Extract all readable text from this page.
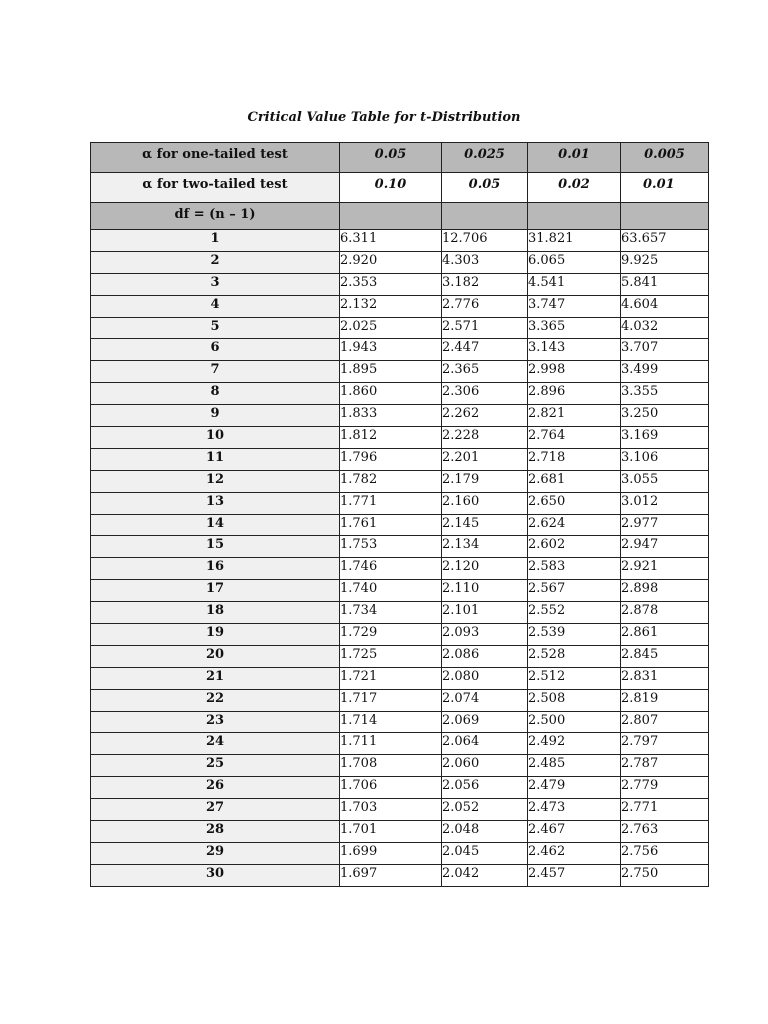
Critical Value Table for t-Distribution
α for one-tailed test	0.05	0.025	0.01	0.005
α for two-tailed test	0.10	0.05	0.02	0.01
df = (n – 1)				
1	6.311	12.706	31.821	63.657
2	2.920	4.303	6.065	9.925
3	2.353	3.182	4.541	5.841
4	2.132	2.776	3.747	4.604
5	2.025	2.571	3.365	4.032
6	1.943	2.447	3.143	3.707
7	1.895	2.365	2.998	3.499
8	1.860	2.306	2.896	3.355
9	1.833	2.262	2.821	3.250
10	1.812	2.228	2.764	3.169
11	1.796	2.201	2.718	3.106
12	1.782	2.179	2.681	3.055
13	1.771	2.160	2.650	3.012
14	1.761	2.145	2.624	2.977
15	1.753	2.134	2.602	2.947
16	1.746	2.120	2.583	2.921
17	1.740	2.110	2.567	2.898
18	1.734	2.101	2.552	2.878
19	1.729	2.093	2.539	2.861
20	1.725	2.086	2.528	2.845
21	1.721	2.080	2.512	2.831
22	1.717	2.074	2.508	2.819
23	1.714	2.069	2.500	2.807
24	1.711	2.064	2.492	2.797
25	1.708	2.060	2.485	2.787
26	1.706	2.056	2.479	2.779
27	1.703	2.052	2.473	2.771
28	1.701	2.048	2.467	2.763
29	1.699	2.045	2.462	2.756
30	1.697	2.042	2.457	2.750
